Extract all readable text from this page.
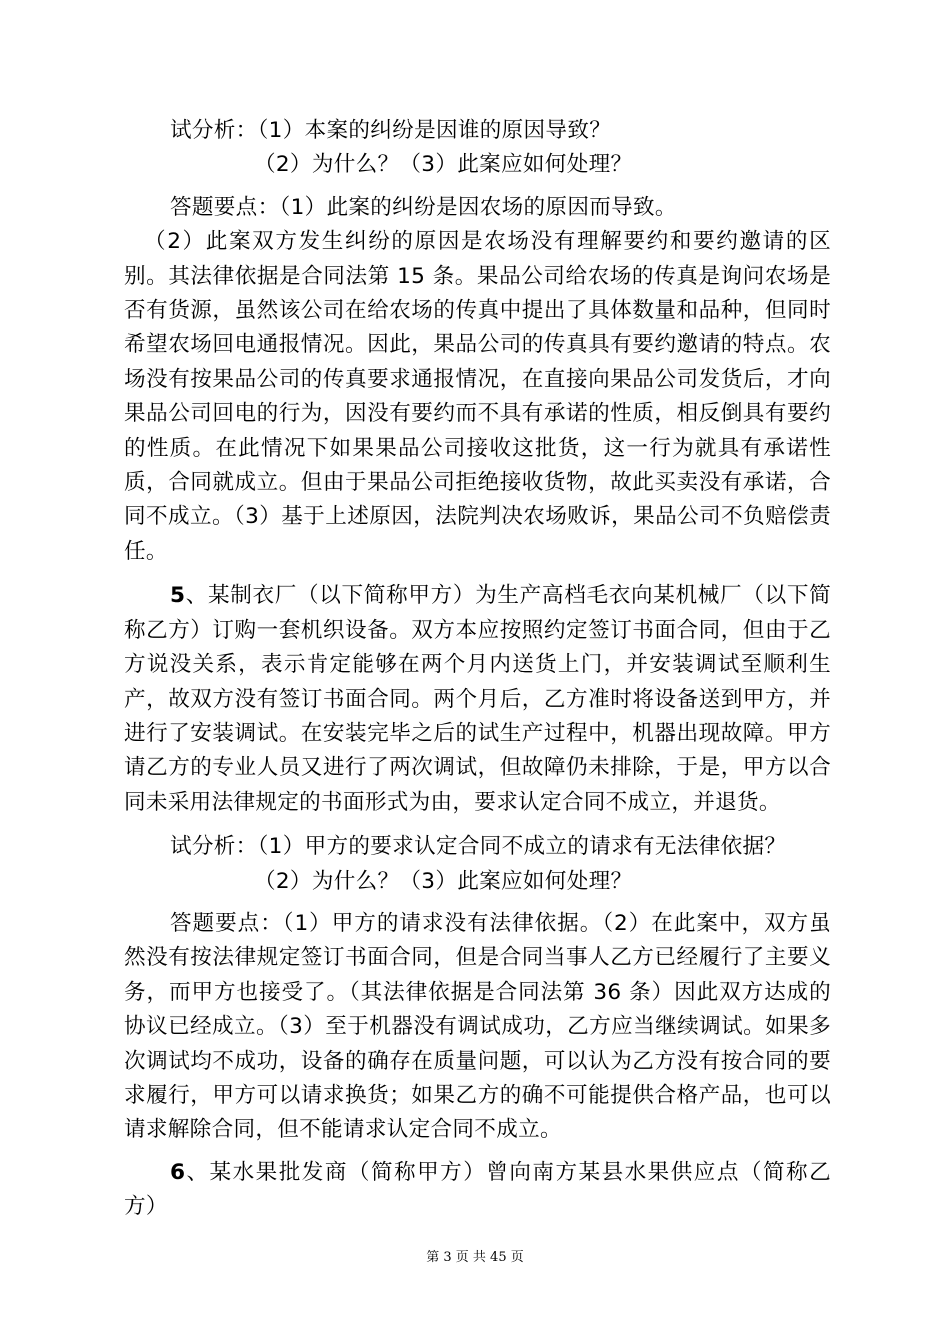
试分析：（1）本案的纠纷是因谁的原因导致？

（2）为什么？（3）此案应如何处理？

答题要点：（1）此案的纠纷是因农场的原因而导致。

（2）此案双方发生纠纷的原因是农场没有理解要约和要约邀请的区别。其法律依据是合同法第 15 条。果品公司给农场的传真是询问农场是否有货源，虽然该公司在给农场的传真中提出了具体数量和品种，但同时希望农场回电通报情况。因此，果品公司的传真具有要约邀请的特点。农场没有按果品公司的传真要求通报情况，在直接向果品公司发货后，才向果品公司回电的行为，因没有要约而不具有承诺的性质，相反倒具有要约的性质。在此情况下如果果品公司接收这批货，这一行为就具有承诺性质，合同就成立。但由于果品公司拒绝接收货物，故此买卖没有承诺，合同不成立。（3）基于上述原因，法院判决农场败诉，果品公司不负赔偿责任。

5、某制衣厂（以下简称甲方）为生产高档毛衣向某机械厂（以下简称乙方）订购一套机织设备。双方本应按照约定签订书面合同，但由于乙方说没关系，表示肯定能够在两个月内送货上门，并安装调试至顺利生产，故双方没有签订书面合同。两个月后，乙方准时将设备送到甲方，并进行了安装调试。在安装完毕之后的试生产过程中，机器出现故障。甲方请乙方的专业人员又进行了两次调试，但故障仍未排除，于是，甲方以合同未采用法律规定的书面形式为由，要求认定合同不成立，并退货。

试分析：（1）甲方的要求认定合同不成立的请求有无法律依据？

（2）为什么？（3）此案应如何处理？

答题要点：（1）甲方的请求没有法律依据。（2）在此案中，双方虽然没有按法律规定签订书面合同，但是合同当事人乙方已经履行了主要义务，而甲方也接受了。（其法律依据是合同法第 36 条）因此双方达成的协议已经成立。（3）至于机器没有调试成功，乙方应当继续调试。如果多次调试均不成功，设备的确存在质量问题，可以认为乙方没有按合同的要求履行，甲方可以请求换货；如果乙方的确不可能提供合格产品，也可以请求解除合同，但不能请求认定合同不成立。

6、某水果批发商（简称甲方）曾向南方某县水果供应点（简称乙方）

第 3 页 共 45 页
